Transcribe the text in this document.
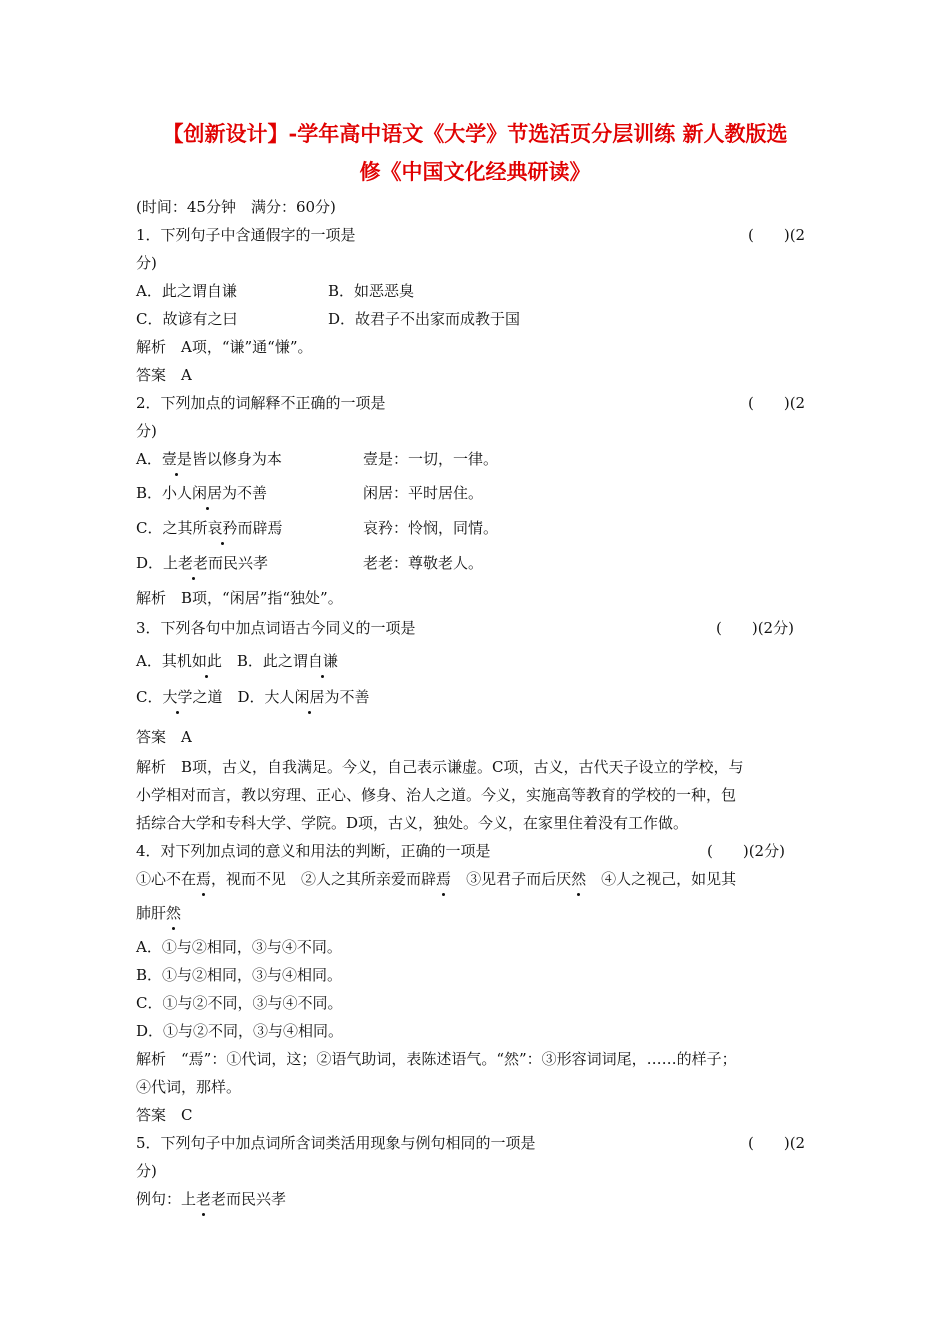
【创新设计】-学年高中语文《大学》节选活页分层训练 新人教版选
修《中国文化经典研读》
(时间：45分钟　满分：60分)
1．下列句子中含通假字的一项是	(　　)(2
分)
A．此之谓自谦	B．如恶恶臭
C．故谚有之曰	D．故君子不出家而成教于国
解析　A项，“谦”通“慊”。
答案　A
2．下列加点的词解释不正确的一项是	(　　)(2
分)
A．壹是皆以修身为本	壹是：一切，一律。
B．小人闲居为不善	闲居：平时居住。
C．之其所哀矜而辟焉	哀矜：怜悯，同情。
D．上老老而民兴孝	老老：尊敬老人。
解析　B项，“闲居”指“独处”。
3．下列各句中加点词语古今同义的一项是	(　　)(2分)
A．其机如此　B．此之谓自谦
C．大学之道　D．大人闲居为不善
答案　A
解析　B项，古义，自我满足。今义，自己表示谦虚。C项，古义，古代天子设立的学校，与
小学相对而言，教以穷理、正心、修身、治人之道。今义，实施高等教育的学校的一种，包
括综合大学和专科大学、学院。D项，古义，独处。今义，在家里住着没有工作做。
4．对下列加点词的意义和用法的判断，正确的一项是	(　　)(2分)
①心不在焉，视而不见　②人之其所亲爱而辟焉　③见君子而后厌然　④人之视己，如见其
肺肝然
A．①与②相同，③与④不同。
B．①与②相同，③与④相同。
C．①与②不同，③与④不同。
D．①与②不同，③与④相同。
解析　“焉”：①代词，这；②语气助词，表陈述语气。“然”：③形容词词尾，……的样子；
④代词，那样。
答案　C
5．下列句子中加点词所含词类活用现象与例句相同的一项是	(　　)(2
分)
例句：上老老而民兴孝
